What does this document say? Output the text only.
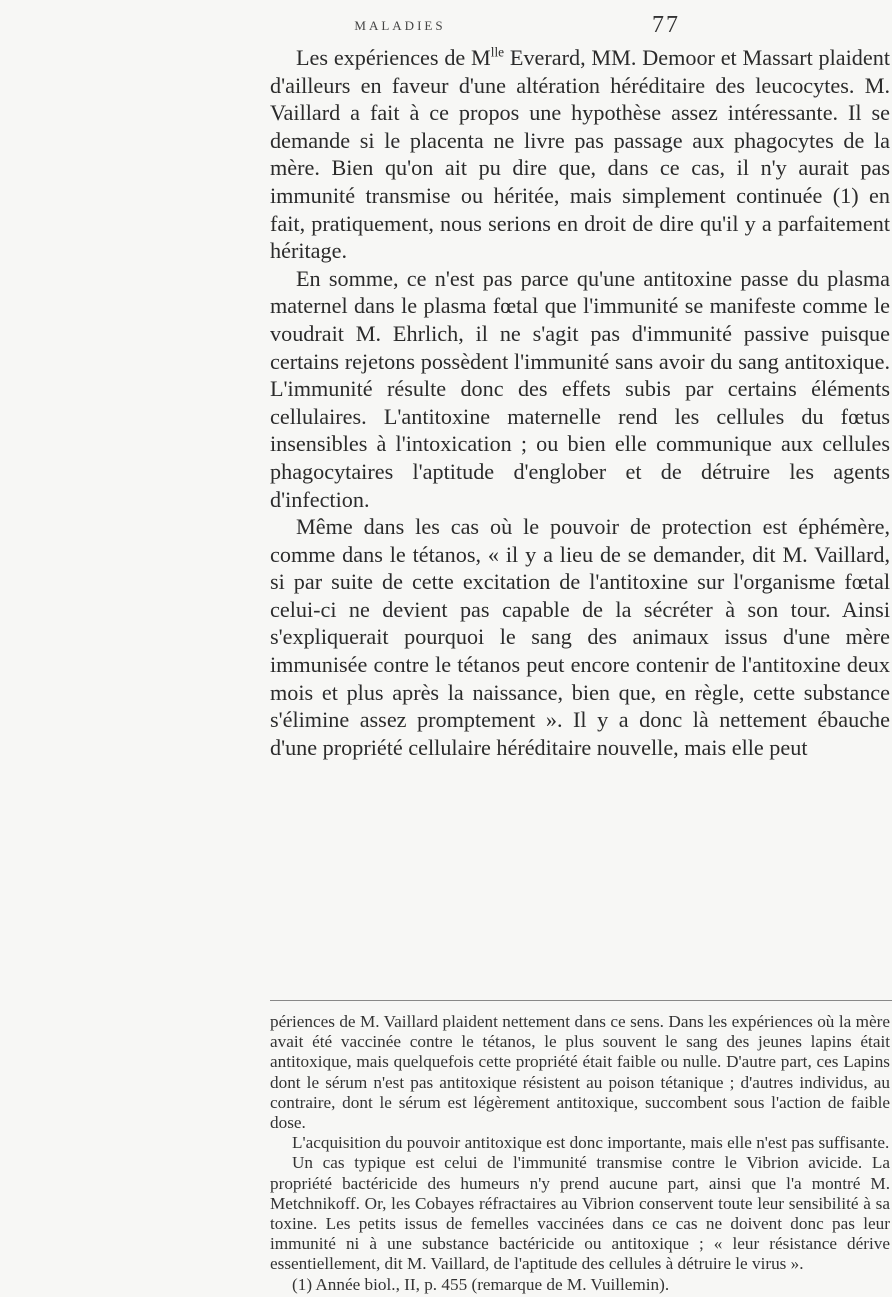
MALADIES	77

Les expériences de $M^{lle}$ Everard, MM. Demoor et Massart plaident d'ailleurs en faveur d'une altération héréditaire des leucocytes. M. Vaillard a fait à ce propos une hypothèse assez intéressante. Il se demande si le placenta ne livre pas passage aux phagocytes de la mère. Bien qu'on ait pu dire que, dans ce cas, il n'y aurait pas immunité transmise ou héritée, mais simplement continuée (1) en fait, pratiquement, nous serions en droit de dire qu'il y a parfaitement héritage.

En somme, ce n'est pas parce qu'une antitoxine passe du plasma maternel dans le plasma fœtal que l'immunité se manifeste comme le voudrait M. Ehrlich, il ne s'agit pas d'immunité passive puisque certains rejetons possèdent l'immunité sans avoir du sang antitoxique. L'immunité résulte donc des effets subis par certains éléments cellulaires. L'antitoxine maternelle rend les cellules du fœtus insensibles à l'intoxication ; ou bien elle communique aux cellules phagocytaires l'aptitude d'englober et de détruire les agents d'infection.

Même dans les cas où le pouvoir de protection est éphémère, comme dans le tétanos, « il y a lieu de se demander, dit M. Vaillard, si par suite de cette excitation de l'antitoxine sur l'organisme fœtal celui-ci ne devient pas capable de la sécréter à son tour. Ainsi s'expliquerait pourquoi le sang des animaux issus d'une mère immunisée contre le tétanos peut encore contenir de l'antitoxine deux mois et plus après la naissance, bien que, en règle, cette substance s'élimine assez promptement ». Il y a donc là nettement ébauche d'une propriété cellulaire héréditaire nouvelle, mais elle peut

périences de M. Vaillard plaident nettement dans ce sens. Dans les expériences où la mère avait été vaccinée contre le tétanos, le plus souvent le sang des jeunes lapins était antitoxique, mais quelquefois cette propriété était faible ou nulle. D'autre part, ces Lapins dont le sérum n'est pas antitoxique résistent au poison tétanique ; d'autres individus, au contraire, dont le sérum est légèrement antitoxique, succombent sous l'action de faible dose.

L'acquisition du pouvoir antitoxique est donc importante, mais elle n'est pas suffisante.

Un cas typique est celui de l'immunité transmise contre le Vibrion avicide. La propriété bactéricide des humeurs n'y prend aucune part, ainsi que l'a montré M. Metchnikoff. Or, les Cobayes réfractaires au Vibrion conservent toute leur sensibilité à sa toxine. Les petits issus de femelles vaccinées dans ce cas ne doivent donc pas leur immunité ni à une substance bactéricide ou antitoxique ; « leur résistance dérive essentiellement, dit M. Vaillard, de l'aptitude des cellules à détruire le virus ».

(1) Année biol., II, p. 455 (remarque de M. Vuillemin).
